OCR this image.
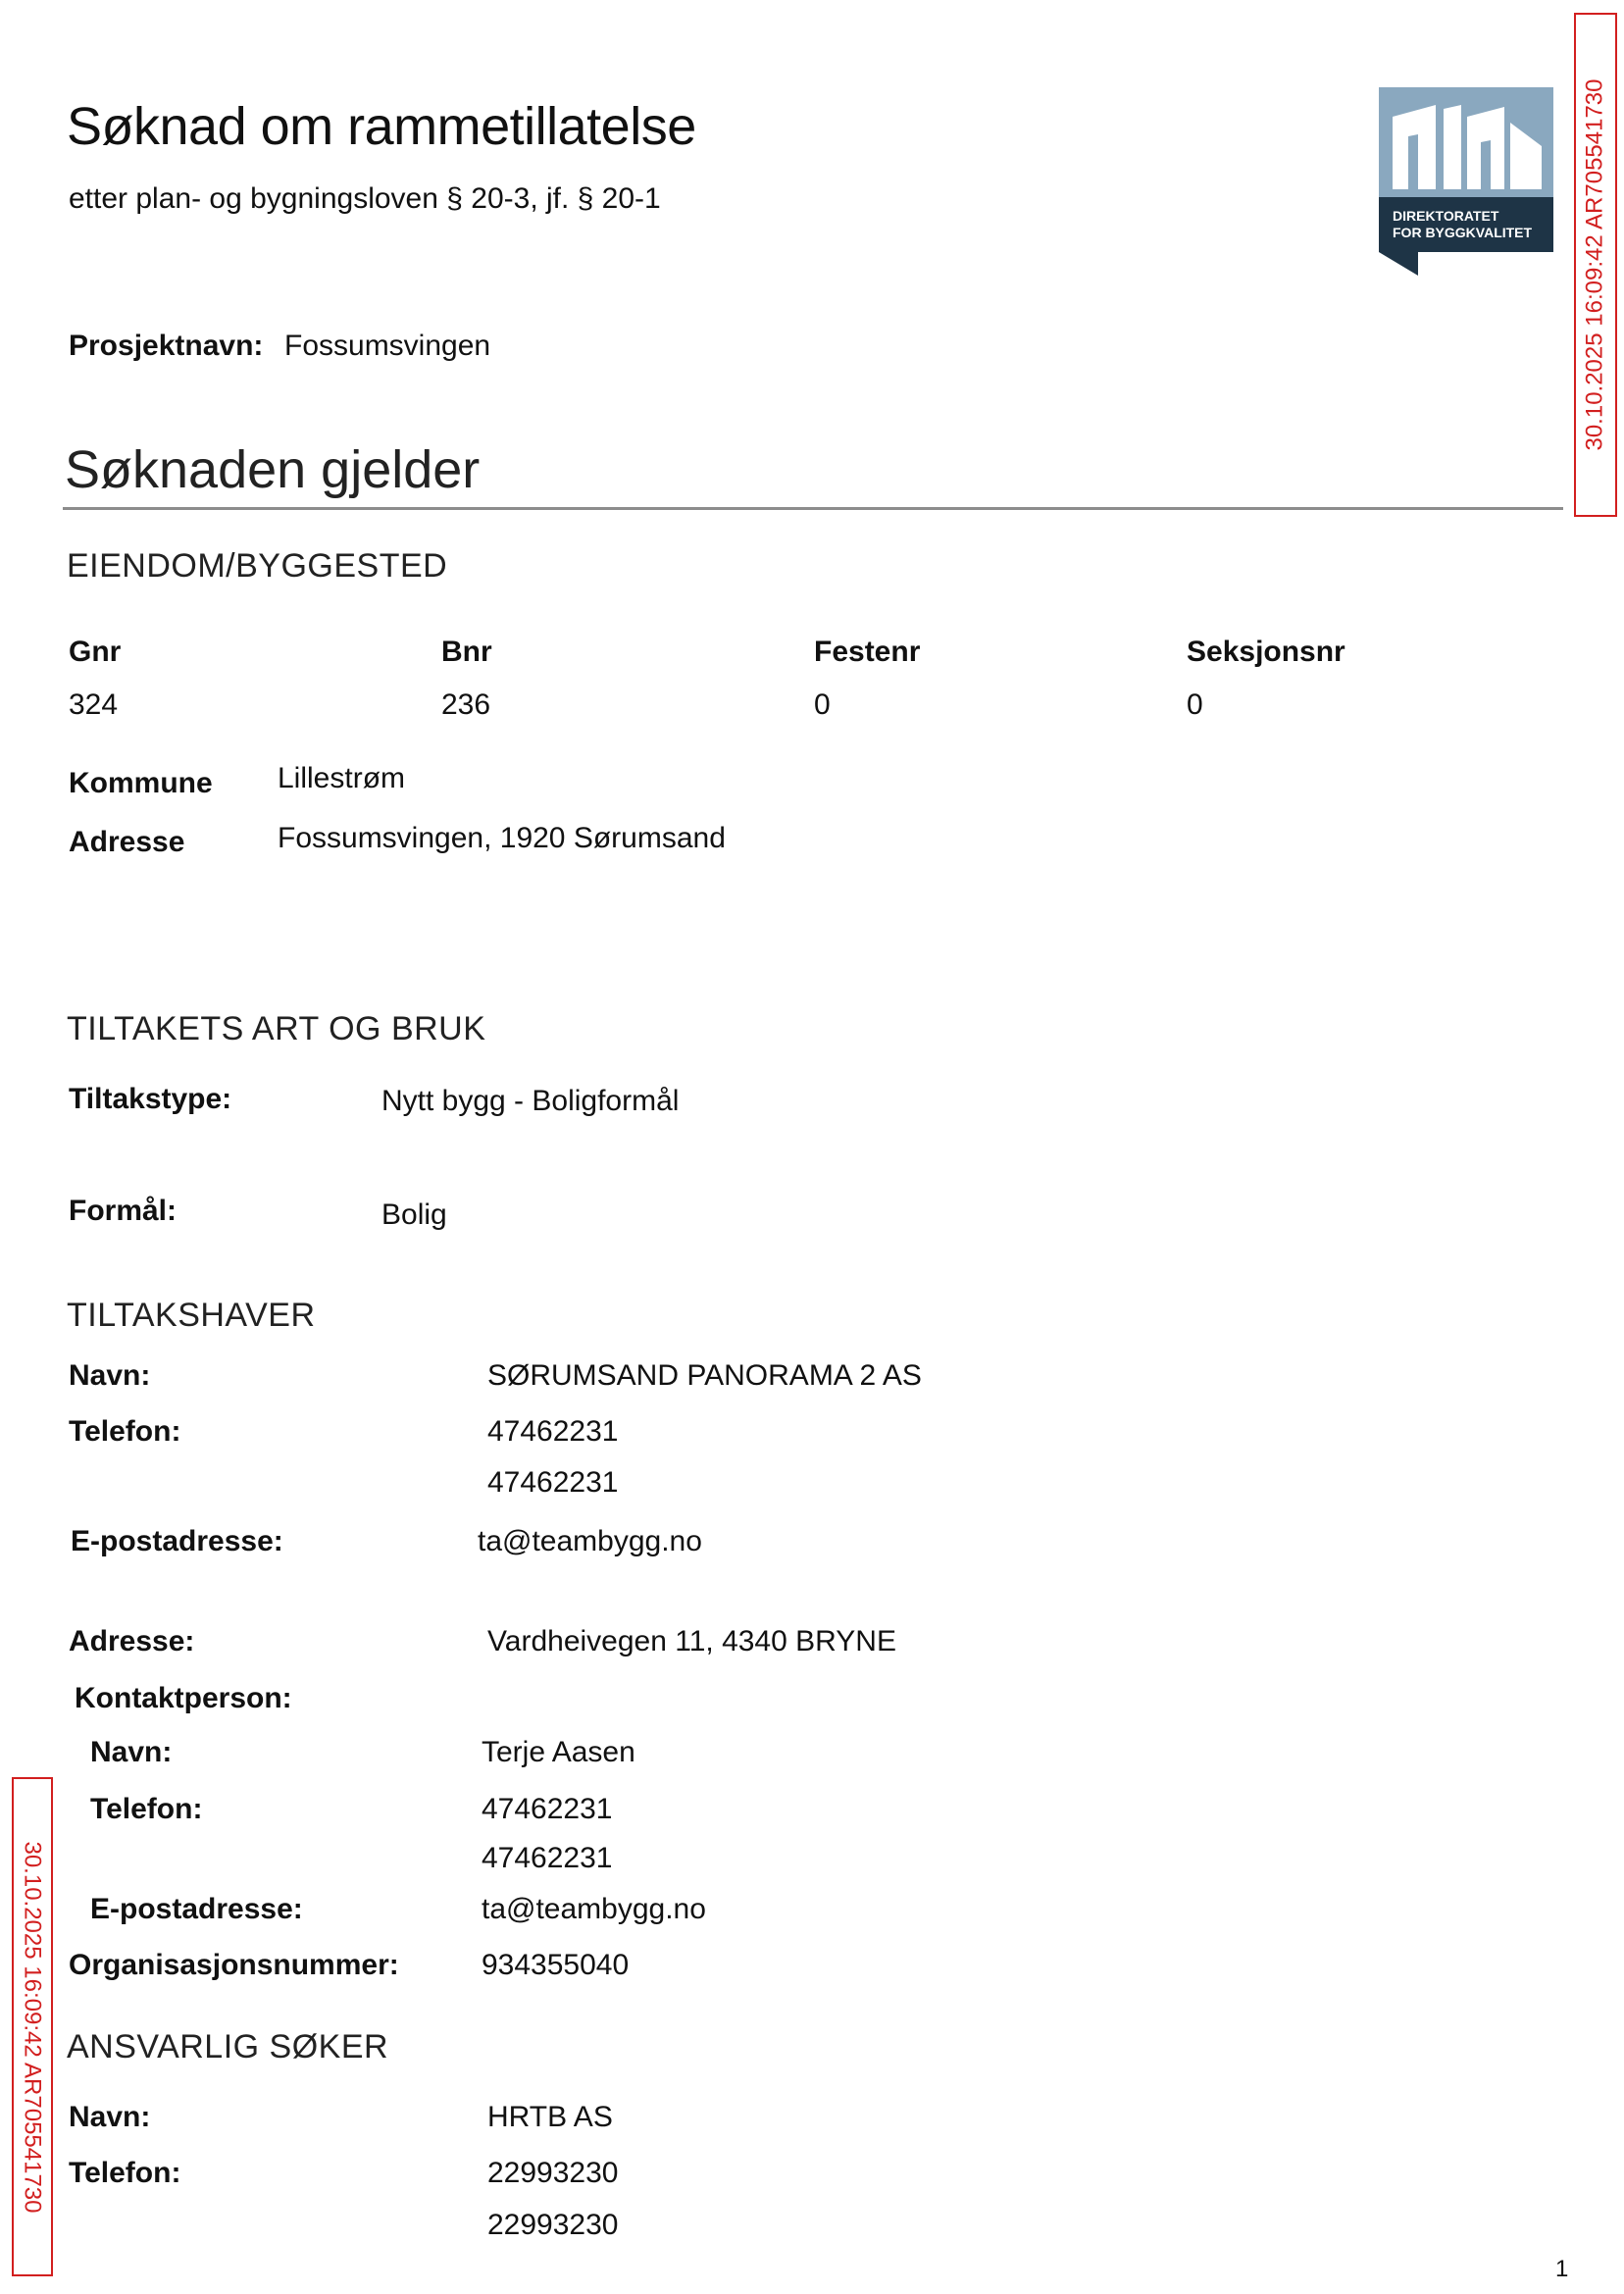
Søknad om rammetillatelse
etter plan- og bygningsloven § 20-3, jf. § 20-1
Prosjektnavn: Fossumsvingen
DIREKTORATET
FOR BYGGKVALITET 30.10.2025 16:09:42 AR705541730
30.10.2025 16:09:42 AR705541730
Søknaden gjelder
EIENDOM/BYGGESTED
Gnr	Bnr	Festenr	Seksjonsnr
324	236	0	0
Kommune Lillestrøm
Adresse	Fossumsvingen, 1920 Sørumsand
TILTAKETS ART OG BRUK
Tiltakstype:	Nytt bygg - Boligformål
Formål:	Bolig
TILTAKSHAVER
Navn:	SØRUMSAND PANORAMA 2 AS
Telefon:	47462231
47462231
E-postadresse:	ta@teambygg.no
Adresse:	Vardheivegen 11, 4340 BRYNE
Kontaktperson:
Navn:	Terje Aasen
Telefon:	47462231
47462231
E-postadresse:	ta@teambygg.no
Organisasjonsnummer:	934355040
ANSVARLIG SØKER
Navn:	HRTB AS
Telefon:	22993230
22993230
1
